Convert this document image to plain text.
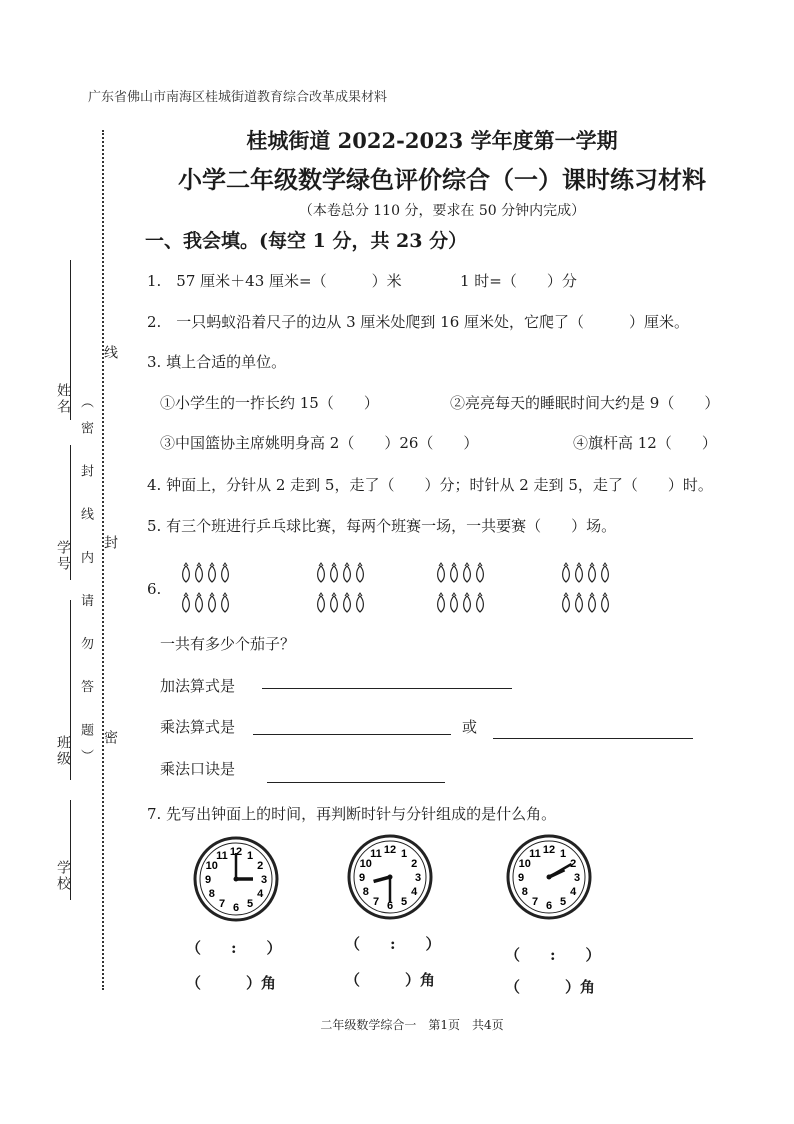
广东省佛山市南海区桂城街道教育综合改革成果材料
桂城街道 2022-2023 学年度第一学期
小学二年级数学绿色评价综合（一）课时练习材料
（本卷总分 110 分，要求在 50 分钟内完成）
姓名
学号
班级
学校
（密 封 线 内 请 勿 答 题）
线
封
密
一、我会填。(每空 1 分，共 23 分）
1.　57 厘米＋43 厘米=（　　　）米	1 时=（　　）分
2.　一只蚂蚁沿着尺子的边从 3 厘米处爬到 16 厘米处，它爬了（　　　）厘米。
3. 填上合适的单位。
①小学生的一拃长约 15（　　）	②亮亮每天的睡眠时间大约是 9（　　）
③中国篮协主席姚明身高 2（　　）26（　　）	④旗杆高 12（　　）
4. 钟面上，分针从 2 走到 5，走了（　　）分；时针从 2 走到 5，走了（　　）时。
5. 有三个班进行乒乓球比赛，每两个班赛一场，一共要赛（　　）场。
6.
一共有多少个茄子？
加法算式是
乘法算式是	或
乘法口诀是
7. 先写出钟面上的时间，再判断时针与分针组成的是什么角。
1
2
3
4
5
6
7
8
9
10
11 12	1
2
3
4
5
6
7
8
9
10
11 12	1
2
3
4
5
6
7
8
9
10
11 12
（　　:　　）	（　　:　　）
（　　:　　）
（　　　）角	（　　　）角	（　　　）角
二年级数学综合一　第1页　共4页
